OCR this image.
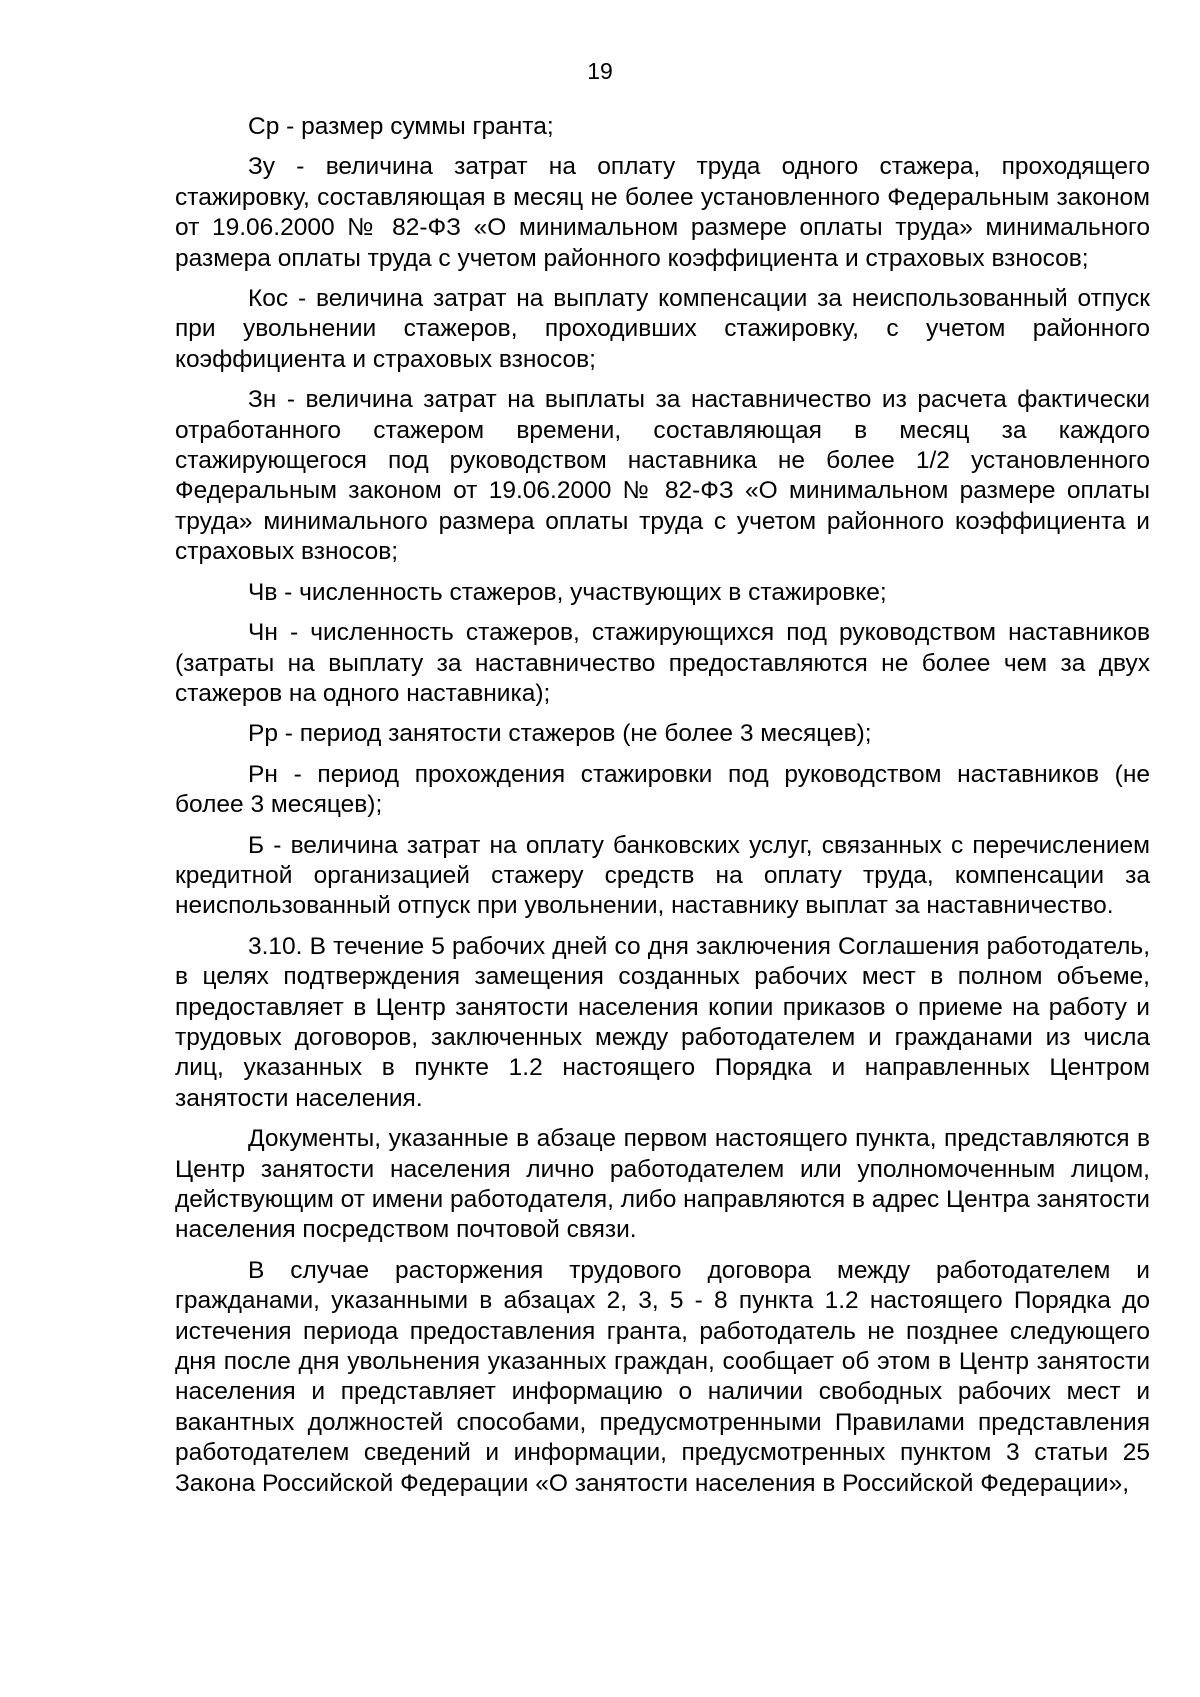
19

Ср - размер суммы гранта;

Зу - величина затрат на оплату труда одного стажера, проходящего стажировку, составляющая в месяц не более установленного Федеральным законом от 19.06.2000 № 82-ФЗ «О минимальном размере оплаты труда» минимального размера оплаты труда с учетом районного коэффициента и страховых взносов;

Кос - величина затрат на выплату компенсации за неиспользованный отпуск при увольнении стажеров, проходивших стажировку, с учетом районного коэффициента и страховых взносов;

Зн - величина затрат на выплаты за наставничество из расчета фактически отработанного стажером времени, составляющая в месяц за каждого стажирующегося под руководством наставника не более 1/2 установленного Федеральным законом от 19.06.2000 № 82-ФЗ «О минимальном размере оплаты труда» минимального размера оплаты труда с учетом районного коэффициента и страховых взносов;

Чв - численность стажеров, участвующих в стажировке;

Чн - численность стажеров, стажирующихся под руководством наставников (затраты на выплату за наставничество предоставляются не более чем за двух стажеров на одного наставника);

Рр - период занятости стажеров (не более 3 месяцев);

Рн - период прохождения стажировки под руководством наставников (не более 3 месяцев);

Б - величина затрат на оплату банковских услуг, связанных с перечислением кредитной организацией стажеру средств на оплату труда, компенсации за неиспользованный отпуск при увольнении, наставнику выплат за наставничество.

3.10. В течение 5 рабочих дней со дня заключения Соглашения работодатель, в целях подтверждения замещения созданных рабочих мест в полном объеме, предоставляет в Центр занятости населения копии приказов о приеме на работу и трудовых договоров, заключенных между работодателем и гражданами из числа лиц, указанных в пункте 1.2 настоящего Порядка и направленных Центром занятости населения.

Документы, указанные в абзаце первом настоящего пункта, представляются в Центр занятости населения лично работодателем или уполномоченным лицом, действующим от имени работодателя, либо направляются в адрес Центра занятости населения посредством почтовой связи.

В случае расторжения трудового договора между работодателем и гражданами, указанными в абзацах 2, 3, 5 - 8 пункта 1.2 настоящего Порядка до истечения периода предоставления гранта, работодатель не позднее следующего дня после дня увольнения указанных граждан, сообщает об этом в Центр занятости населения и представляет информацию о наличии свободных рабочих мест и вакантных должностей способами, предусмотренными Правилами представления работодателем сведений и информации, предусмотренных пунктом 3 статьи 25 Закона Российской Федерации «О занятости населения в Российской Федерации»,
